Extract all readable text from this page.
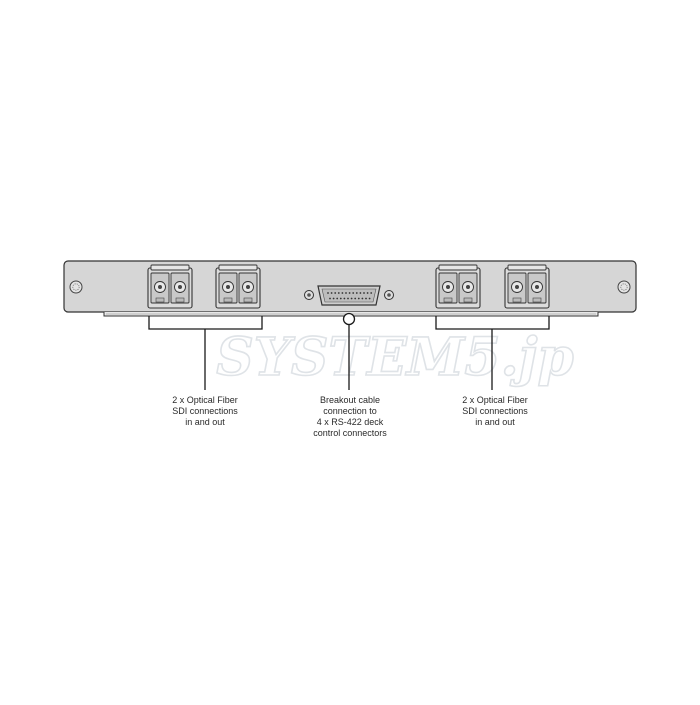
SYSTEM5.jp
2 x Optical Fiber
SDI connections
in and out
Breakout cable
connection to
4 x RS-422 deck
control connectors
2 x Optical Fiber
SDI connections
in and out
